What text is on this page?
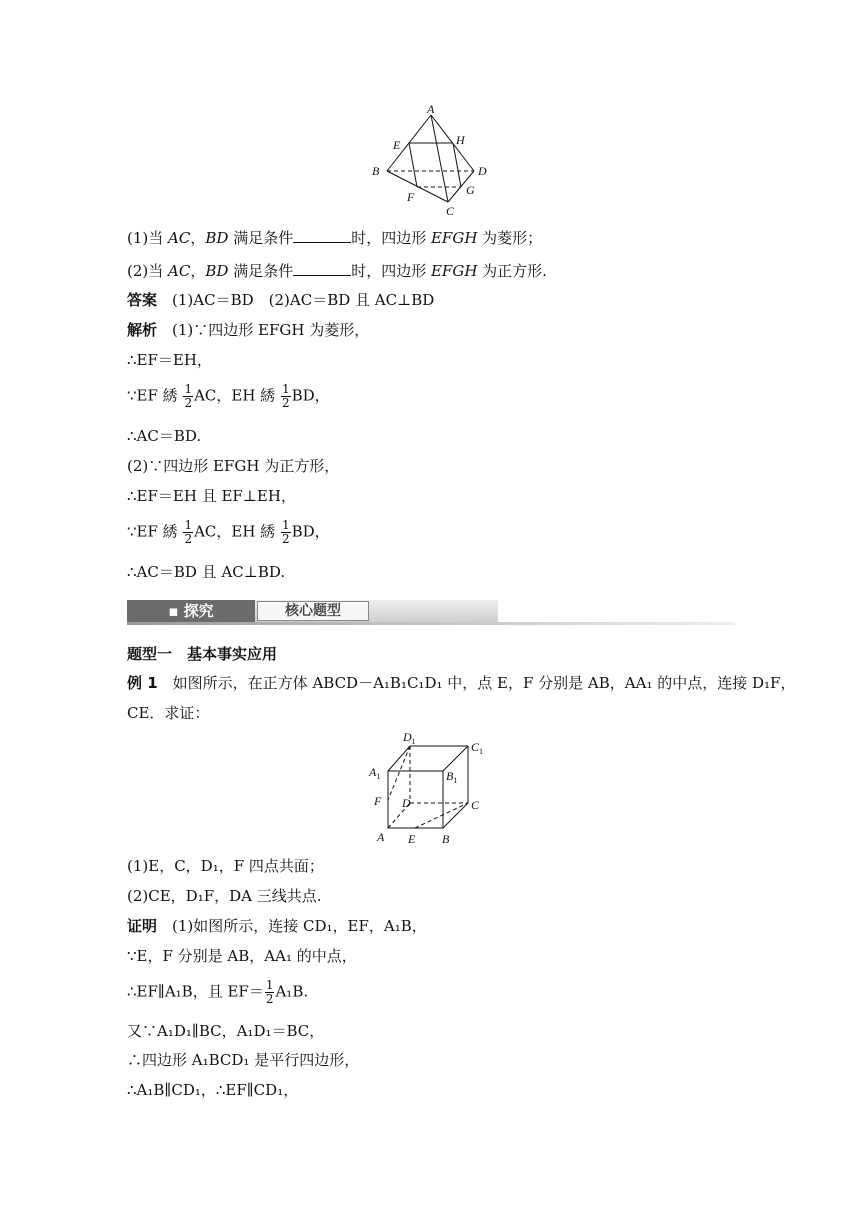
A
E	H
B	D
G
F
C
(1)当 AC，BD 满足条件	时，四边形 EFGH 为菱形；
(2)当 AC，BD 满足条件	时，四边形 EFGH 为正方形.
答案　 (1)AC＝BD　(2)AC＝BD 且 AC⊥BD
解析　 (1)∵四边形 EFGH 为菱形，
∴EF＝EH，
∵EF 綉 $\frac{1}{2}$ AC，EH 綉 $\frac{1}{2}$ BD，
∴AC＝BD.
(2)∵四边形 EFGH 为正方形，
∴EF＝EH 且 EF⊥EH，
∵EF 綉 $\frac{1}{2}$ AC，EH 綉 $\frac{1}{2}$ BD，
∴AC＝BD 且 AC⊥BD.
▪ 探究	核心题型
题型一　基本事实应用
例 1　如图所示，在正方体 ABCD－A₁B₁C₁D₁ 中，点 E，F 分别是 AB，AA₁ 的中点，连接 D₁F，
CE．求证：
$D_1$	$C_1$
$A_1$	$B_1$
F D	C
A E B
(1)E，C，D₁，F 四点共面；
(2)CE，D₁F，DA 三线共点.
证明　(1)如图所示，连接 CD₁，EF，A₁B，
∵E，F 分别是 AB，AA₁ 的中点，
∴EF∥A₁B，且 $EF= \frac{1}{2} A_1B$.
又∵A₁D₁∥BC，A₁D₁＝BC，
∴四边形 A₁BCD₁ 是平行四边形，
∴A₁B∥CD₁，∴EF∥CD₁，
